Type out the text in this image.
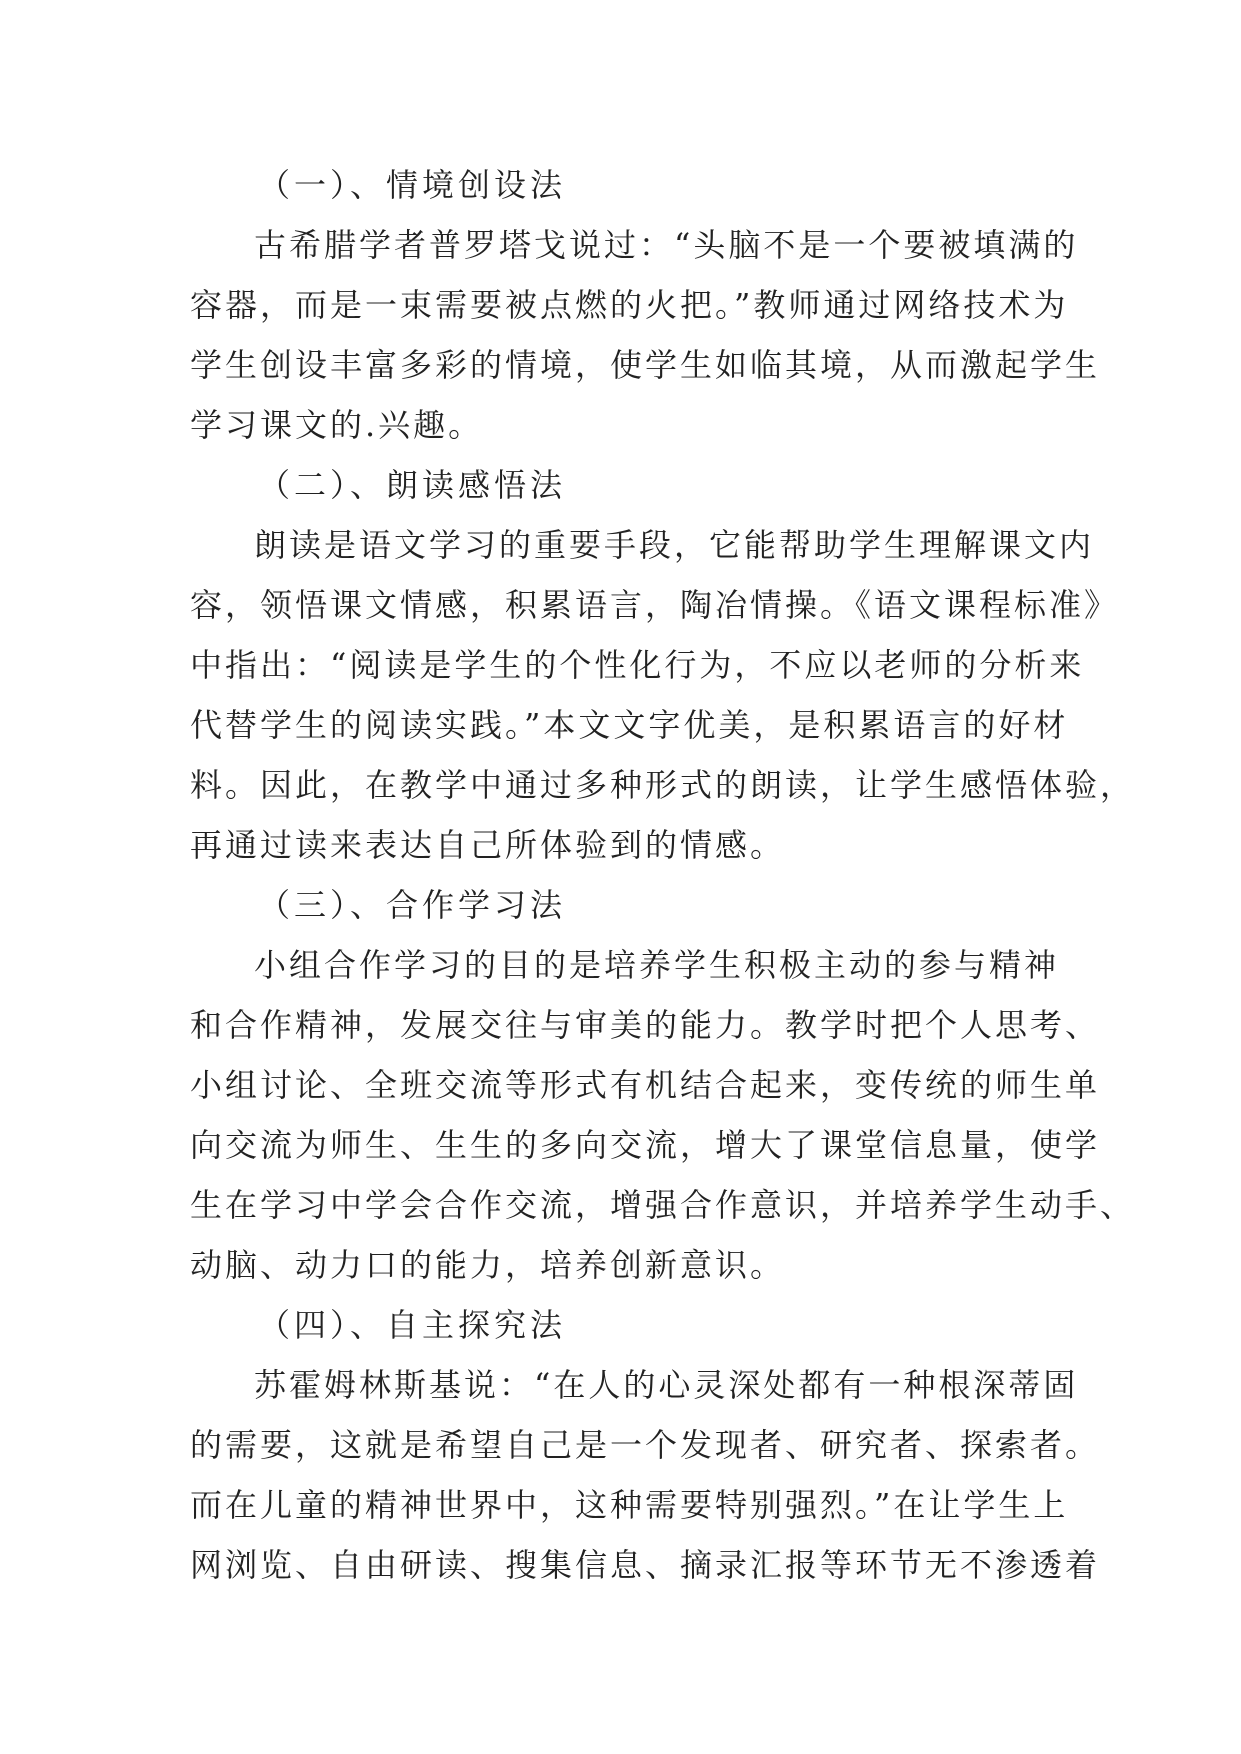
（一）、情境创设法
古希腊学者普罗塔戈说过：“头脑不是一个要被填满的
容器，而是一束需要被点燃的火把。”教师通过网络技术为
学生创设丰富多彩的情境，使学生如临其境，从而激起学生
学习课文的.兴趣。
（二）、朗读感悟法
朗读是语文学习的重要手段，它能帮助学生理解课文内
容，领悟课文情感，积累语言，陶冶情操。《语文课程标准》
中指出：“阅读是学生的个性化行为，不应以老师的分析来
代替学生的阅读实践。”本文文字优美，是积累语言的好材
料。因此，在教学中通过多种形式的朗读，让学生感悟体验，
再通过读来表达自己所体验到的情感。
（三）、合作学习法
小组合作学习的目的是培养学生积极主动的参与精神
和合作精神，发展交往与审美的能力。教学时把个人思考、
小组讨论、全班交流等形式有机结合起来，变传统的师生单
向交流为师生、生生的多向交流，增大了课堂信息量，使学
生在学习中学会合作交流，增强合作意识，并培养学生动手、
动脑、动力口的能力，培养创新意识。
（四）、自主探究法
苏霍姆林斯基说：“在人的心灵深处都有一种根深蒂固
的需要，这就是希望自己是一个发现者、研究者、探索者。
而在儿童的精神世界中，这种需要特别强烈。”在让学生上
网浏览、自由研读、搜集信息、摘录汇报等环节无不渗透着
